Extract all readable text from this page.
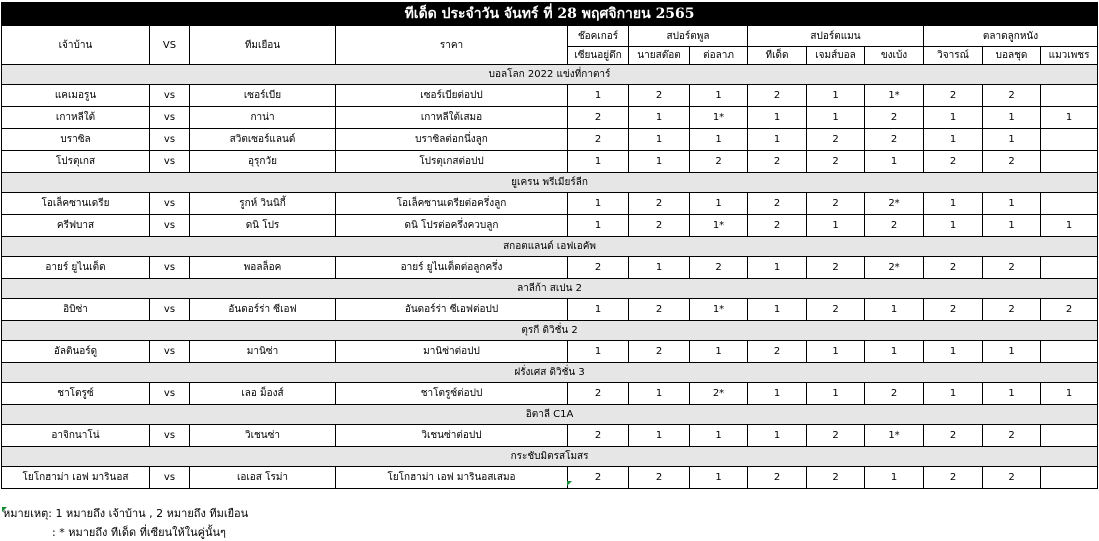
ทีเด็ด ประจำวัน จันทร์ ที่ 28 พฤศจิกายน 2565												
เจ้าบ้าน	VS	ทีมเยือน	ราคา	ช๊อคเกอร์	สปอร์ตพูล		สปอร์ตแมน			ตลาดลูกหนัง		
				เซียนอยู่ดึก	นายสต๊อต	ต่อลาภ	ทีเด็ด	เจมส์บอล	ขงเบ้ง	วิจารณ์	บอลชุด	แมวเพชร
บอลโลก 2022 แข่งที่กาตาร์												
แคเมอรูน	vs	เซอร์เบีย	เซอร์เบียต่อปป	1	2	1	2	1	1*	2	2	
เกาหลีใต้	vs	กาน่า	เกาหลีใต้เสมอ	2	1	1*	1	1	2	1	1	1
บราซิล	vs	สวิตเซอร์แลนด์	บราซิลต่อกนึ่งลูก	2	1	1	1	2	2	1	1	
โปรตุเกส	vs	อุรุกวัย	โปรตุเกสต่อปป	1	1	2	2	2	1	2	2	
ยูเครน พรีเมียร์ลีก												
โอเล็คซานเดรีย	vs	รูกห์ วินนิกี้	โอเล็คซานเดรียต่อครึ่งลูก	1	2	1	2	2	2*	1	1	
ครีฟบาส	vs	ดนิ โปร	ดนิ โปรต่อครึ่งควบลูก	1	2	1*	2	1	2	1	1	1
สกอตแลนด์ เอฟเอคัพ												
อายร์ ยูไนเต็ด	vs	พอลล็อค	อายร์ ยูไนเต็ดต่อลูกครึ่ง	2	1	2	1	2	2*	2	2	
ลาลีก้า สเปน 2												
อิบิซ่า	vs	อันดอร์ร่า ซีเอฟ	อันดอร์ร่า ซีเอฟต่อปป	1	2	1*	1	2	1	2	2	2
ตุรกี ดิวิชั่น 2												
อัลตินอร์ดู	vs	มานิซ่า	มานิซ่าต่อปป	1	2	1	2	1	1	1	1	
ฝรั่งเศส ดิวิชั่น 3												
ชาโตรูซ์	vs	เลอ ม็องส์	ชาโตรูซ์ต่อปป	2	1	2*	1	1	2	1	1	1
อิตาลี C1A												
อาจิกนาโน่	vs	วิเชนซ่า	วิเชนซ่าต่อปป	2	1	1	1	2	1*	2	2	
กระชับมิตรสโมสร												
โยโกฮาม่า เอฟ มารินอส	vs	เอเอส โรม่า	โยโกฮาม่า เอฟ มารินอสเสมอ	2	2	1	2	2	1	2	2	
หมายเหตุ: 1 หมายถึง เจ้าบ้าน , 2 หมายถึง ทีมเยือน
: * หมายถึง ทีเด็ด ที่เซียนให้ในคู่นั้นๆ
